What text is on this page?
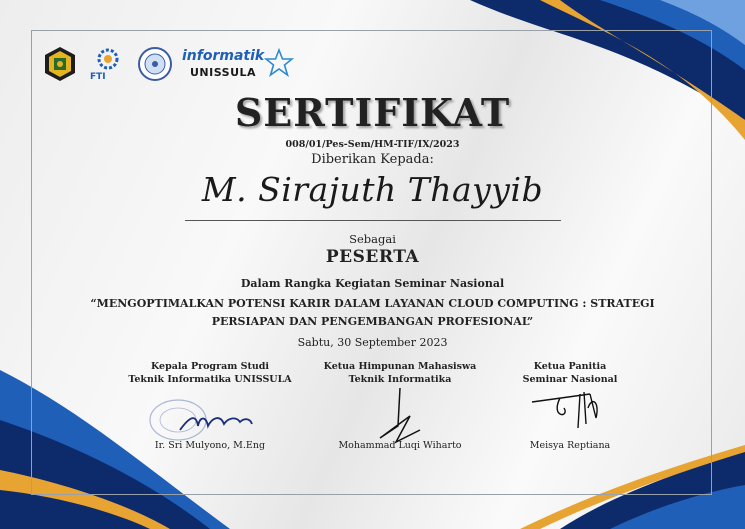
FTI
informatik
UNISSULA
SERTIFIKAT
008/01/Pes-Sem/HM-TIF/IX/2023
Diberikan Kepada:
M. Sirajuth Thayyib
Sebagai
PESERTA
Dalam Rangka Kegiatan Seminar Nasional
“MENGOPTIMALKAN POTENSI KARIR DALAM LAYANAN CLOUD COMPUTING : STRATEGI
PERSIAPAN DAN PENGEMBANGAN PROFESIONAL”
Sabtu, 30 September 2023
Kepala Program Studi
Teknik Informatika UNISSULA
Ir. Sri Mulyono, M.Eng
Ketua Himpunan Mahasiswa
Teknik Informatika
Mohammad Luqi Wiharto
Ketua Panitia
Seminar Nasional
Meisya Reptiana
